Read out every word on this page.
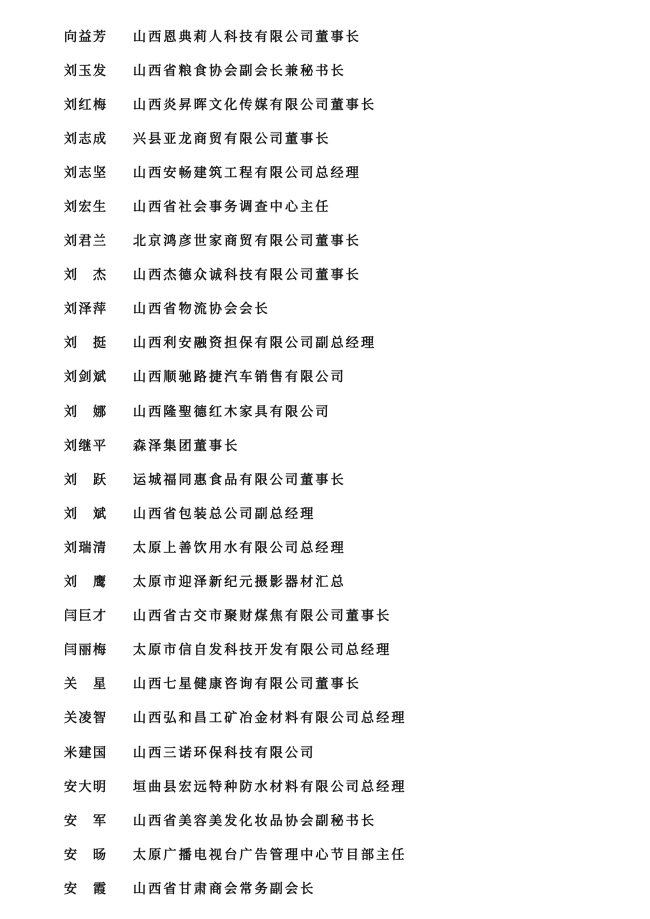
向益芳	山西恩典莉人科技有限公司董事长
刘玉发	山西省粮食协会副会长兼秘书长
刘红梅	山西炎昇晖文化传媒有限公司董事长
刘志成	兴县亚龙商贸有限公司董事长
刘志坚	山西安畅建筑工程有限公司总经理
刘宏生	山西省社会事务调查中心主任
刘君兰	北京鸿彦世家商贸有限公司董事长
刘　杰	山西杰德众诚科技有限公司董事长
刘泽萍	山西省物流协会会长
刘　挺	山西利安融资担保有限公司副总经理
刘剑斌	山西顺驰路捷汽车销售有限公司
刘　娜	山西隆聖德红木家具有限公司
刘继平	森泽集团董事长
刘　跃	运城福同惠食品有限公司董事长
刘　斌	山西省包装总公司副总经理
刘瑞清	太原上善饮用水有限公司总经理
刘　鹰	太原市迎泽新纪元摄影器材汇总
闫巨才	山西省古交市聚财煤焦有限公司董事长
闫丽梅	太原市信自发科技开发有限公司总经理
关　星	山西七星健康咨询有限公司董事长
关凌智	山西弘和昌工矿冶金材料有限公司总经理
米建国	山西三诺环保科技有限公司
安大明	垣曲县宏远特种防水材料有限公司总经理
安　军	山西省美容美发化妆品协会副秘书长
安　旸	太原广播电视台广告管理中心节目部主任
安　霞	山西省甘肃商会常务副会长
